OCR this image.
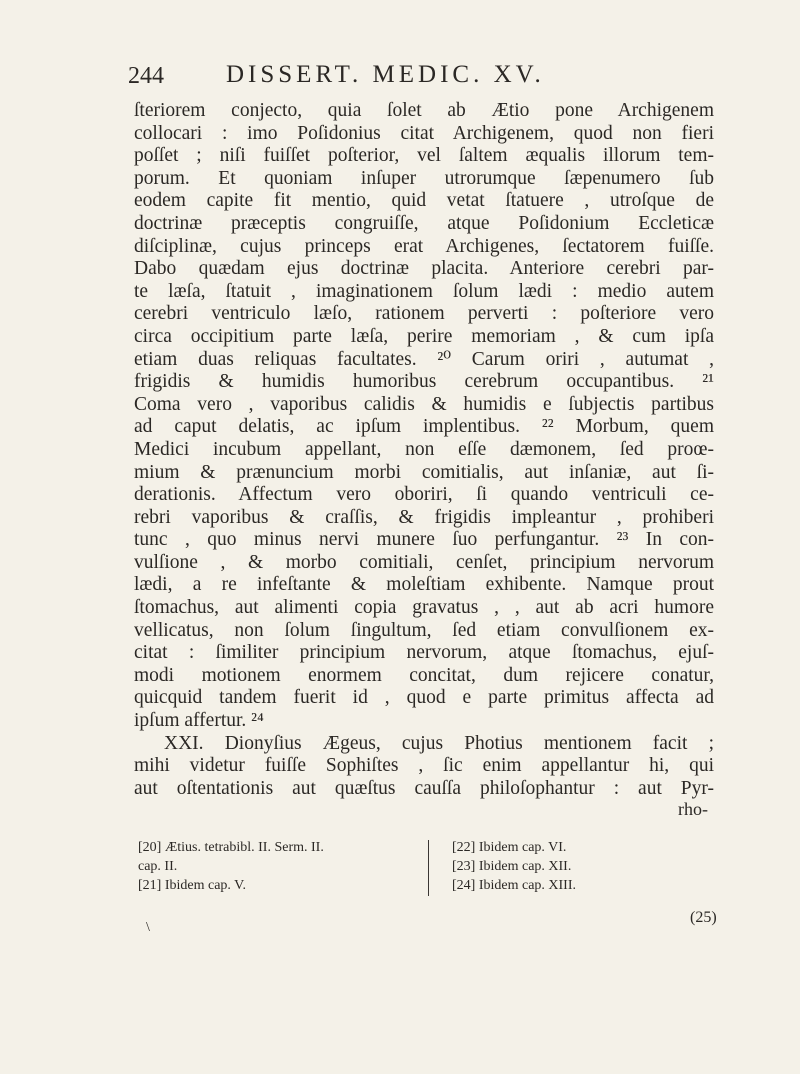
244 DISSERT. MEDIC. XV.
ſteriorem conjecto, quia ſolet ab Ætio pone Archigenem
collocari : imo Poſidonius citat Archigenem, quod non fieri
poſſet ; niſi fuiſſet poſterior, vel ſaltem æqualis illorum tem-
porum. Et quoniam inſuper utrorumque ſæpenumero ſub
eodem capite fit mentio, quid vetat ſtatuere , utroſque de
doctrinæ præceptis congruiſſe, atque Poſidonium Eccleticæ
diſciplinæ, cujus princeps erat Archigenes, ſectatorem fuiſſe.
Dabo quædam ejus doctrinæ placita. Anteriore cerebri par-
te læſa, ſtatuit , imaginationem ſolum lædi : medio autem
cerebri ventriculo læſo, rationem perverti : poſteriore vero
circa occipitium parte læſa, perire memoriam , & cum ipſa
etiam duas reliquas facultates. ²⁰ Carum oriri , autumat ,
frigidis & humidis humoribus cerebrum occupantibus. ²¹
Coma vero , vaporibus calidis & humidis e ſubjectis partibus
ad caput delatis, ac ipſum implentibus. ²² Morbum, quem
Medici incubum appellant, non eſſe dæmonem, ſed proœ-
mium & prænuncium morbi comitialis, aut inſaniæ, aut ſi-
derationis. Affectum vero oboriri, ſi quando ventriculi ce-
rebri vaporibus & craſſis, & frigidis impleantur , prohiberi
tunc , quo minus nervi munere ſuo perfungantur. ²³ In con-
vulſione , & morbo comitiali, cenſet, principium nervorum
lædi, a re infeſtante & moleſtiam exhibente. Namque prout
ſtomachus, aut alimenti copia gravatus , , aut ab acri humore
vellicatus, non ſolum ſingultum, ſed etiam convulſionem ex-
citat : ſimiliter principium nervorum, atque ſtomachus, ejuſ-
modi motionem enormem concitat, dum rejicere conatur,
quicquid tandem fuerit id , quod e parte primitus affecta ad
ipſum affertur. ²⁴
XXI. Dionyſius Ægeus, cujus Photius mentionem facit ;
mihi videtur fuiſſe Sophiſtes , ſic enim appellantur hi, qui
aut oſtentationis aut quæſtus cauſſa philoſophantur : aut Pyr-
rho-
[20] Ætius. tetrabibl. II. Serm. II.
cap. II.
[21] Ibidem cap. V.
[22] Ibidem cap. VI.
[23] Ibidem cap. XII.
[24] Ibidem cap. XIII.
\
(25)
